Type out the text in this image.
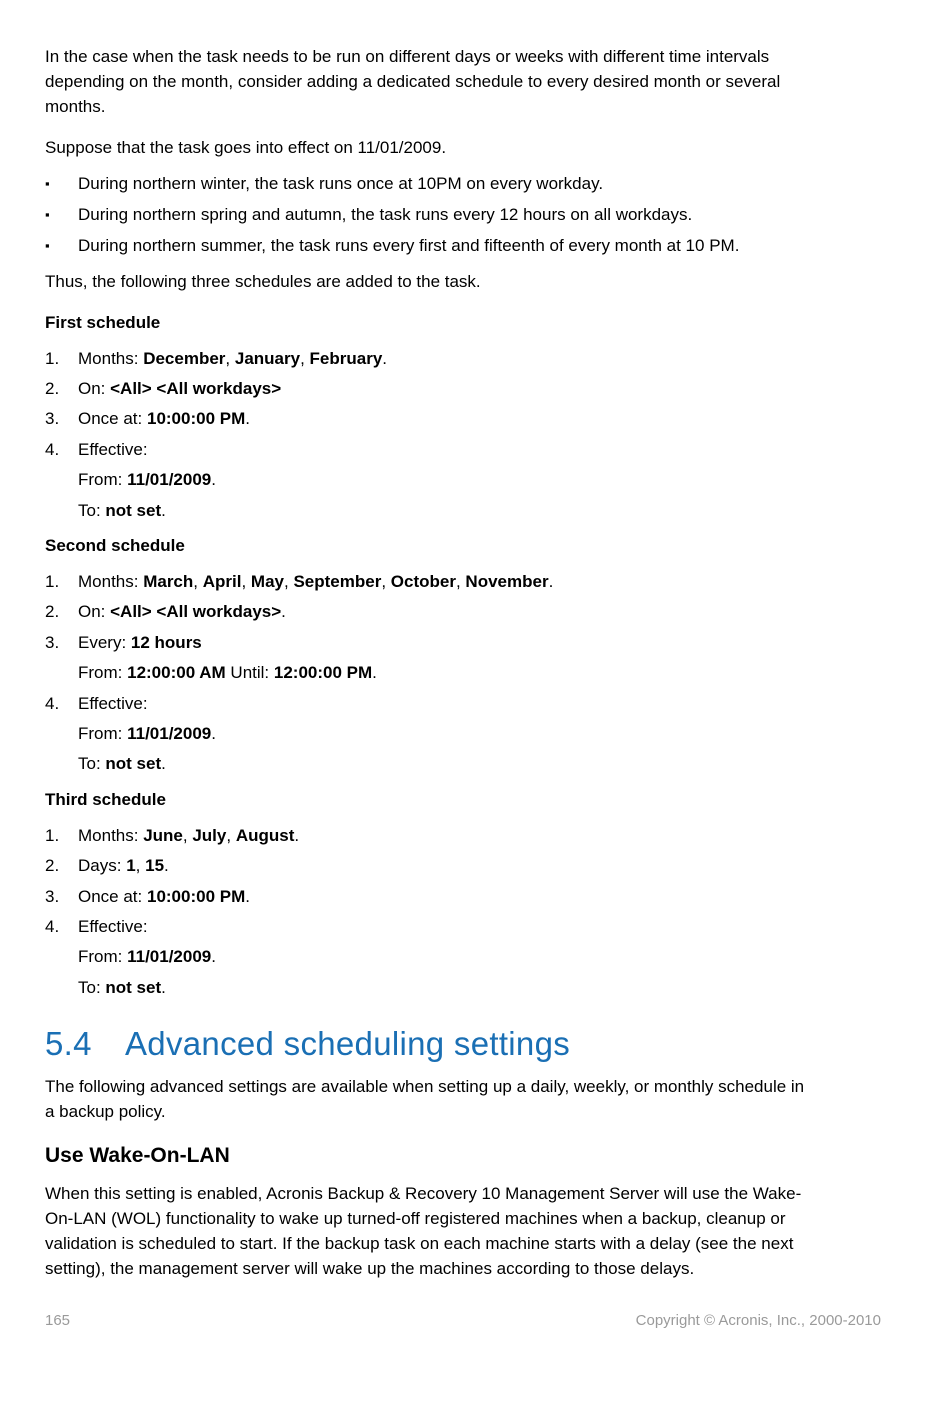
In the case when the task needs to be run on different days or weeks with different time intervals
depending on the month, consider adding a dedicated schedule to every desired month or several
months.
Suppose that the task goes into effect on 11/01/2009.
▪ During northern winter, the task runs once at 10PM on every workday.
▪ During northern spring and autumn, the task runs every 12 hours on all workdays.
▪ During northern summer, the task runs every first and fifteenth of every month at 10 PM.
Thus, the following three schedules are added to the task.
First schedule
1. Months: December, January, February.
2. On: <All> <All workdays>
3. Once at: 10:00:00 PM.
4. Effective:
From: 11/01/2009.
To: not set.
Second schedule
1. Months: March, April, May, September, October, November.
2. On: <All> <All workdays>.
3. Every: 12 hours
From: 12:00:00 AM Until: 12:00:00 PM.
4. Effective:
From: 11/01/2009.
To: not set.
Third schedule
1. Months: June, July, August.
2. Days: 1, 15.
3. Once at: 10:00:00 PM.
4. Effective:
From: 11/01/2009.
To: not set.
5.4 Advanced scheduling settings
The following advanced settings are available when setting up a daily, weekly, or monthly schedule in
a backup policy.
Use Wake-On-LAN
When this setting is enabled, Acronis Backup & Recovery 10 Management Server will use the Wake-
On-LAN (WOL) functionality to wake up turned-off registered machines when a backup, cleanup or
validation is scheduled to start. If the backup task on each machine starts with a delay (see the next
setting), the management server will wake up the machines according to those delays.
165	Copyright © Acronis, Inc., 2000-2010
